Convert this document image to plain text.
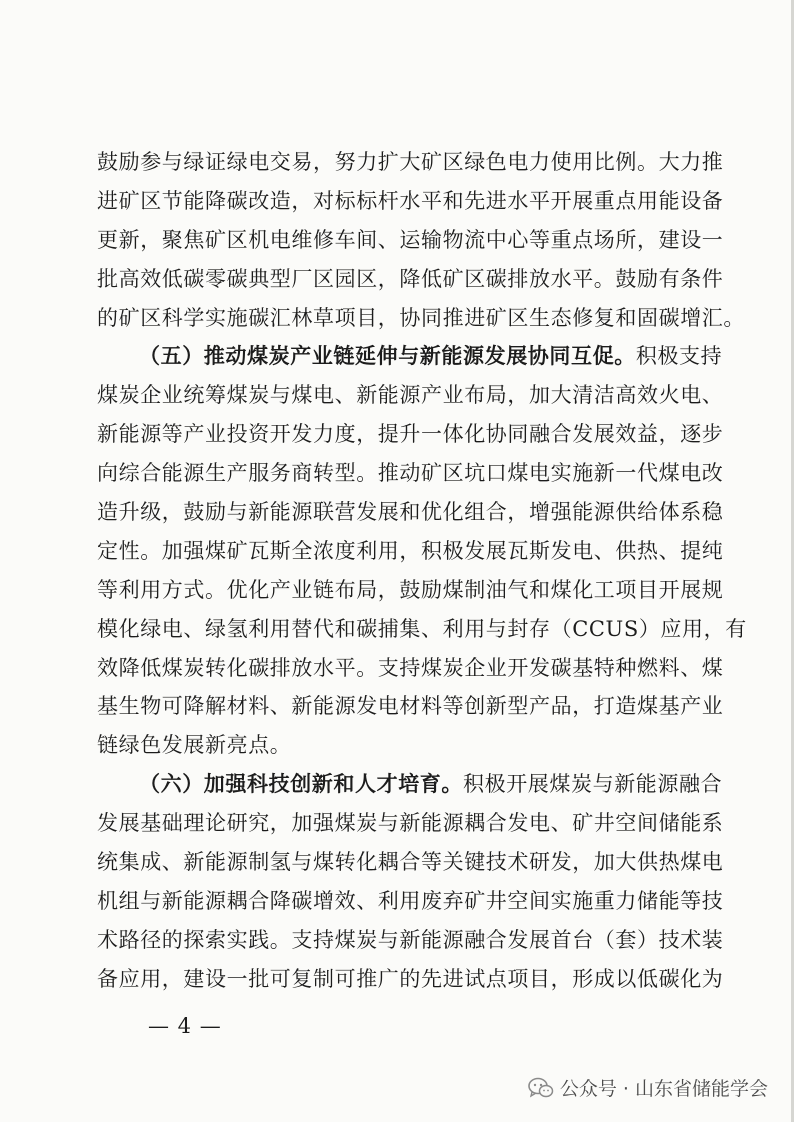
鼓励参与绿证绿电交易，努力扩大矿区绿色电力使用比例。大力推
进矿区节能降碳改造，对标标杆水平和先进水平开展重点用能设备
更新，聚焦矿区机电维修车间、运输物流中心等重点场所，建设一
批高效低碳零碳典型厂区园区，降低矿区碳排放水平。鼓励有条件
的矿区科学实施碳汇林草项目，协同推进矿区生态修复和固碳增汇。
（五）推动煤炭产业链延伸与新能源发展协同互促。积极支持
煤炭企业统筹煤炭与煤电、新能源产业布局，加大清洁高效火电、
新能源等产业投资开发力度，提升一体化协同融合发展效益，逐步
向综合能源生产服务商转型。推动矿区坑口煤电实施新一代煤电改
造升级，鼓励与新能源联营发展和优化组合，增强能源供给体系稳
定性。加强煤矿瓦斯全浓度利用，积极发展瓦斯发电、供热、提纯
等利用方式。优化产业链布局，鼓励煤制油气和煤化工项目开展规
模化绿电、绿氢利用替代和碳捕集、利用与封存（CCUS）应用，有
效降低煤炭转化碳排放水平。支持煤炭企业开发碳基特种燃料、煤
基生物可降解材料、新能源发电材料等创新型产品，打造煤基产业
链绿色发展新亮点。
（六）加强科技创新和人才培育。积极开展煤炭与新能源融合
发展基础理论研究，加强煤炭与新能源耦合发电、矿井空间储能系
统集成、新能源制氢与煤转化耦合等关键技术研发，加大供热煤电
机组与新能源耦合降碳增效、利用废弃矿井空间实施重力储能等技
术路径的探索实践。支持煤炭与新能源融合发展首台（套）技术装
备应用，建设一批可复制可推广的先进试点项目，形成以低碳化为
— 4 —
公众号 · 山东省储能学会
